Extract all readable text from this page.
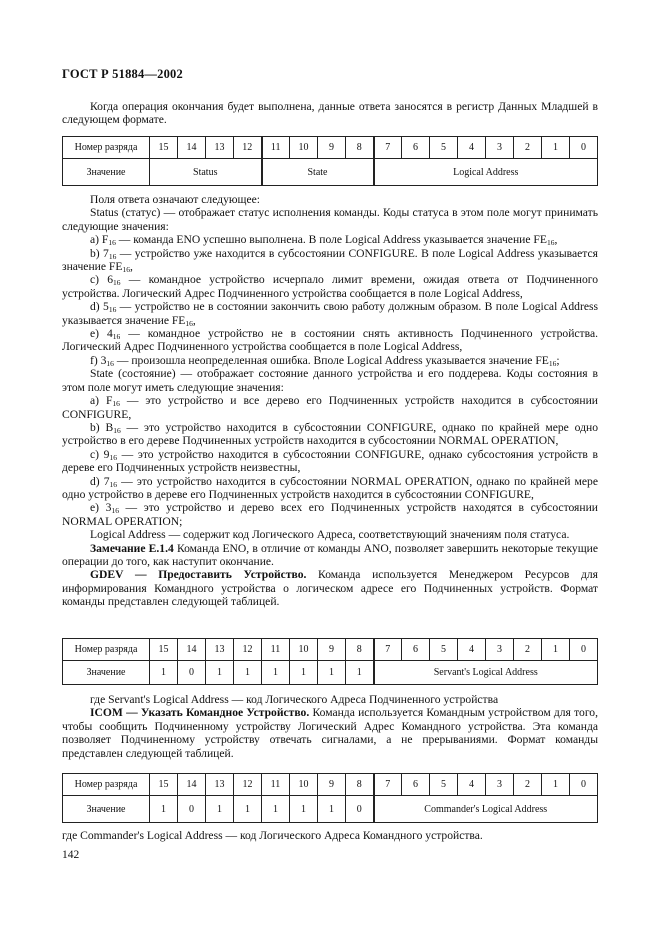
ГОСТ Р 51884—2002

Когда операция окончания будет выполнена, данные ответа заносятся в регистр Данных Младшей в следующем формате.

Номер разряда	15	14	13	12	11	10	9	8	7	6	5	4	3	2	1	0
Значение	Status				State				Logical Address							

Поля ответа означают следующее:

Status (статус) — отображает статус исполнения команды. Коды статуса в этом поле могут принимать следующие значения:

a) $F_{16}$ — команда ENO успешно выполнена. В поле Logical Address указывается значение $FE_{16}$,

b) $7_{16}$ — устройство уже находится в субсостоянии CONFIGURE. В поле Logical Address указывается значение $FE_{16}$,

c) $6_{16}$ — командное устройство исчерпало лимит времени, ожидая ответа от Подчиненного устройства. Логический Адрес Подчиненного устройства сообщается в поле Logical Address,

d) $5_{16}$ — устройство не в состоянии закончить свою работу должным образом. В поле Logical Address указывается значение $FE_{16}$,

e) $4_{16}$ — командное устройство не в состоянии снять активность Подчиненного устройства. Логический Адрес Подчиненного устройства сообщается в поле Logical Address,

f) $3_{16}$ — произошла неопределенная ошибка. Вполе Logical Address указывается значение $FE_{16}$;

State (состояние) — отображает состояние данного устройства и его поддерева. Коды состояния в этом поле могут иметь следующие значения:

a) $F_{16}$ — это устройство и все дерево его Подчиненных устройств находится в субсостоянии CONFIGURE,

b) $B_{16}$ — это устройство находится в субсостоянии CONFIGURE, однако по крайней мере одно устройство в его дереве Подчиненных устройств находится в субсостоянии NORMAL OPERATION,

c) $9_{16}$ — это устройство находится в субсостоянии CONFIGURE, однако субсостояния устройств в дереве его Подчиненных устройств неизвестны,

d) $7_{16}$ — это устройство находится в субсостоянии NORMAL OPERATION, однако по крайней мере одно устройство в дереве его Подчиненных устройств находится в субсостоянии CONFIGURE,

e) $3_{16}$ — это устройство и дерево всех его Подчиненных устройств находятся в субсостоянии NORMAL OPERATION;

Logical Address — содержит код Логического Адреса, соответствующий значениям поля статуса.

Замечание Е.1.4 Команда ENO, в отличие от команды ANO, позволяет завершить некоторые текущие операции до того, как наступит окончание.

GDEV — Предоставить Устройство. Команда используется Менеджером Ресурсов для информирования Командного устройства о логическом адресе его Подчиненных устройств. Формат команды представлен следующей таблицей.

Номер разряда	15	14	13	12	11	10	9	8	7	6	5	4	3	2	1	0
Значение	1	0	1	1	1	1	1	1	Servant's Logical Address							

где Servant's Logical Address — код Логического Адреса Подчиненного устройства

ICOM — Указать Командное Устройство. Команда используется Командным устройством для того, чтобы сообщить Подчиненному устройству Логический Адрес Командного устройства. Эта команда позволяет Подчиненному устройству отвечать сигналами, а не прерываниями. Формат команды представлен следующей таблицей.

Номер разряда	15	14	13	12	11	10	9	8	7	6	5	4	3	2	1	0
Значение	1	0	1	1	1	1	1	0	Commander's Logical Address							

где Commander's Logical Address — код Логического Адреса Командного устройства.

142
